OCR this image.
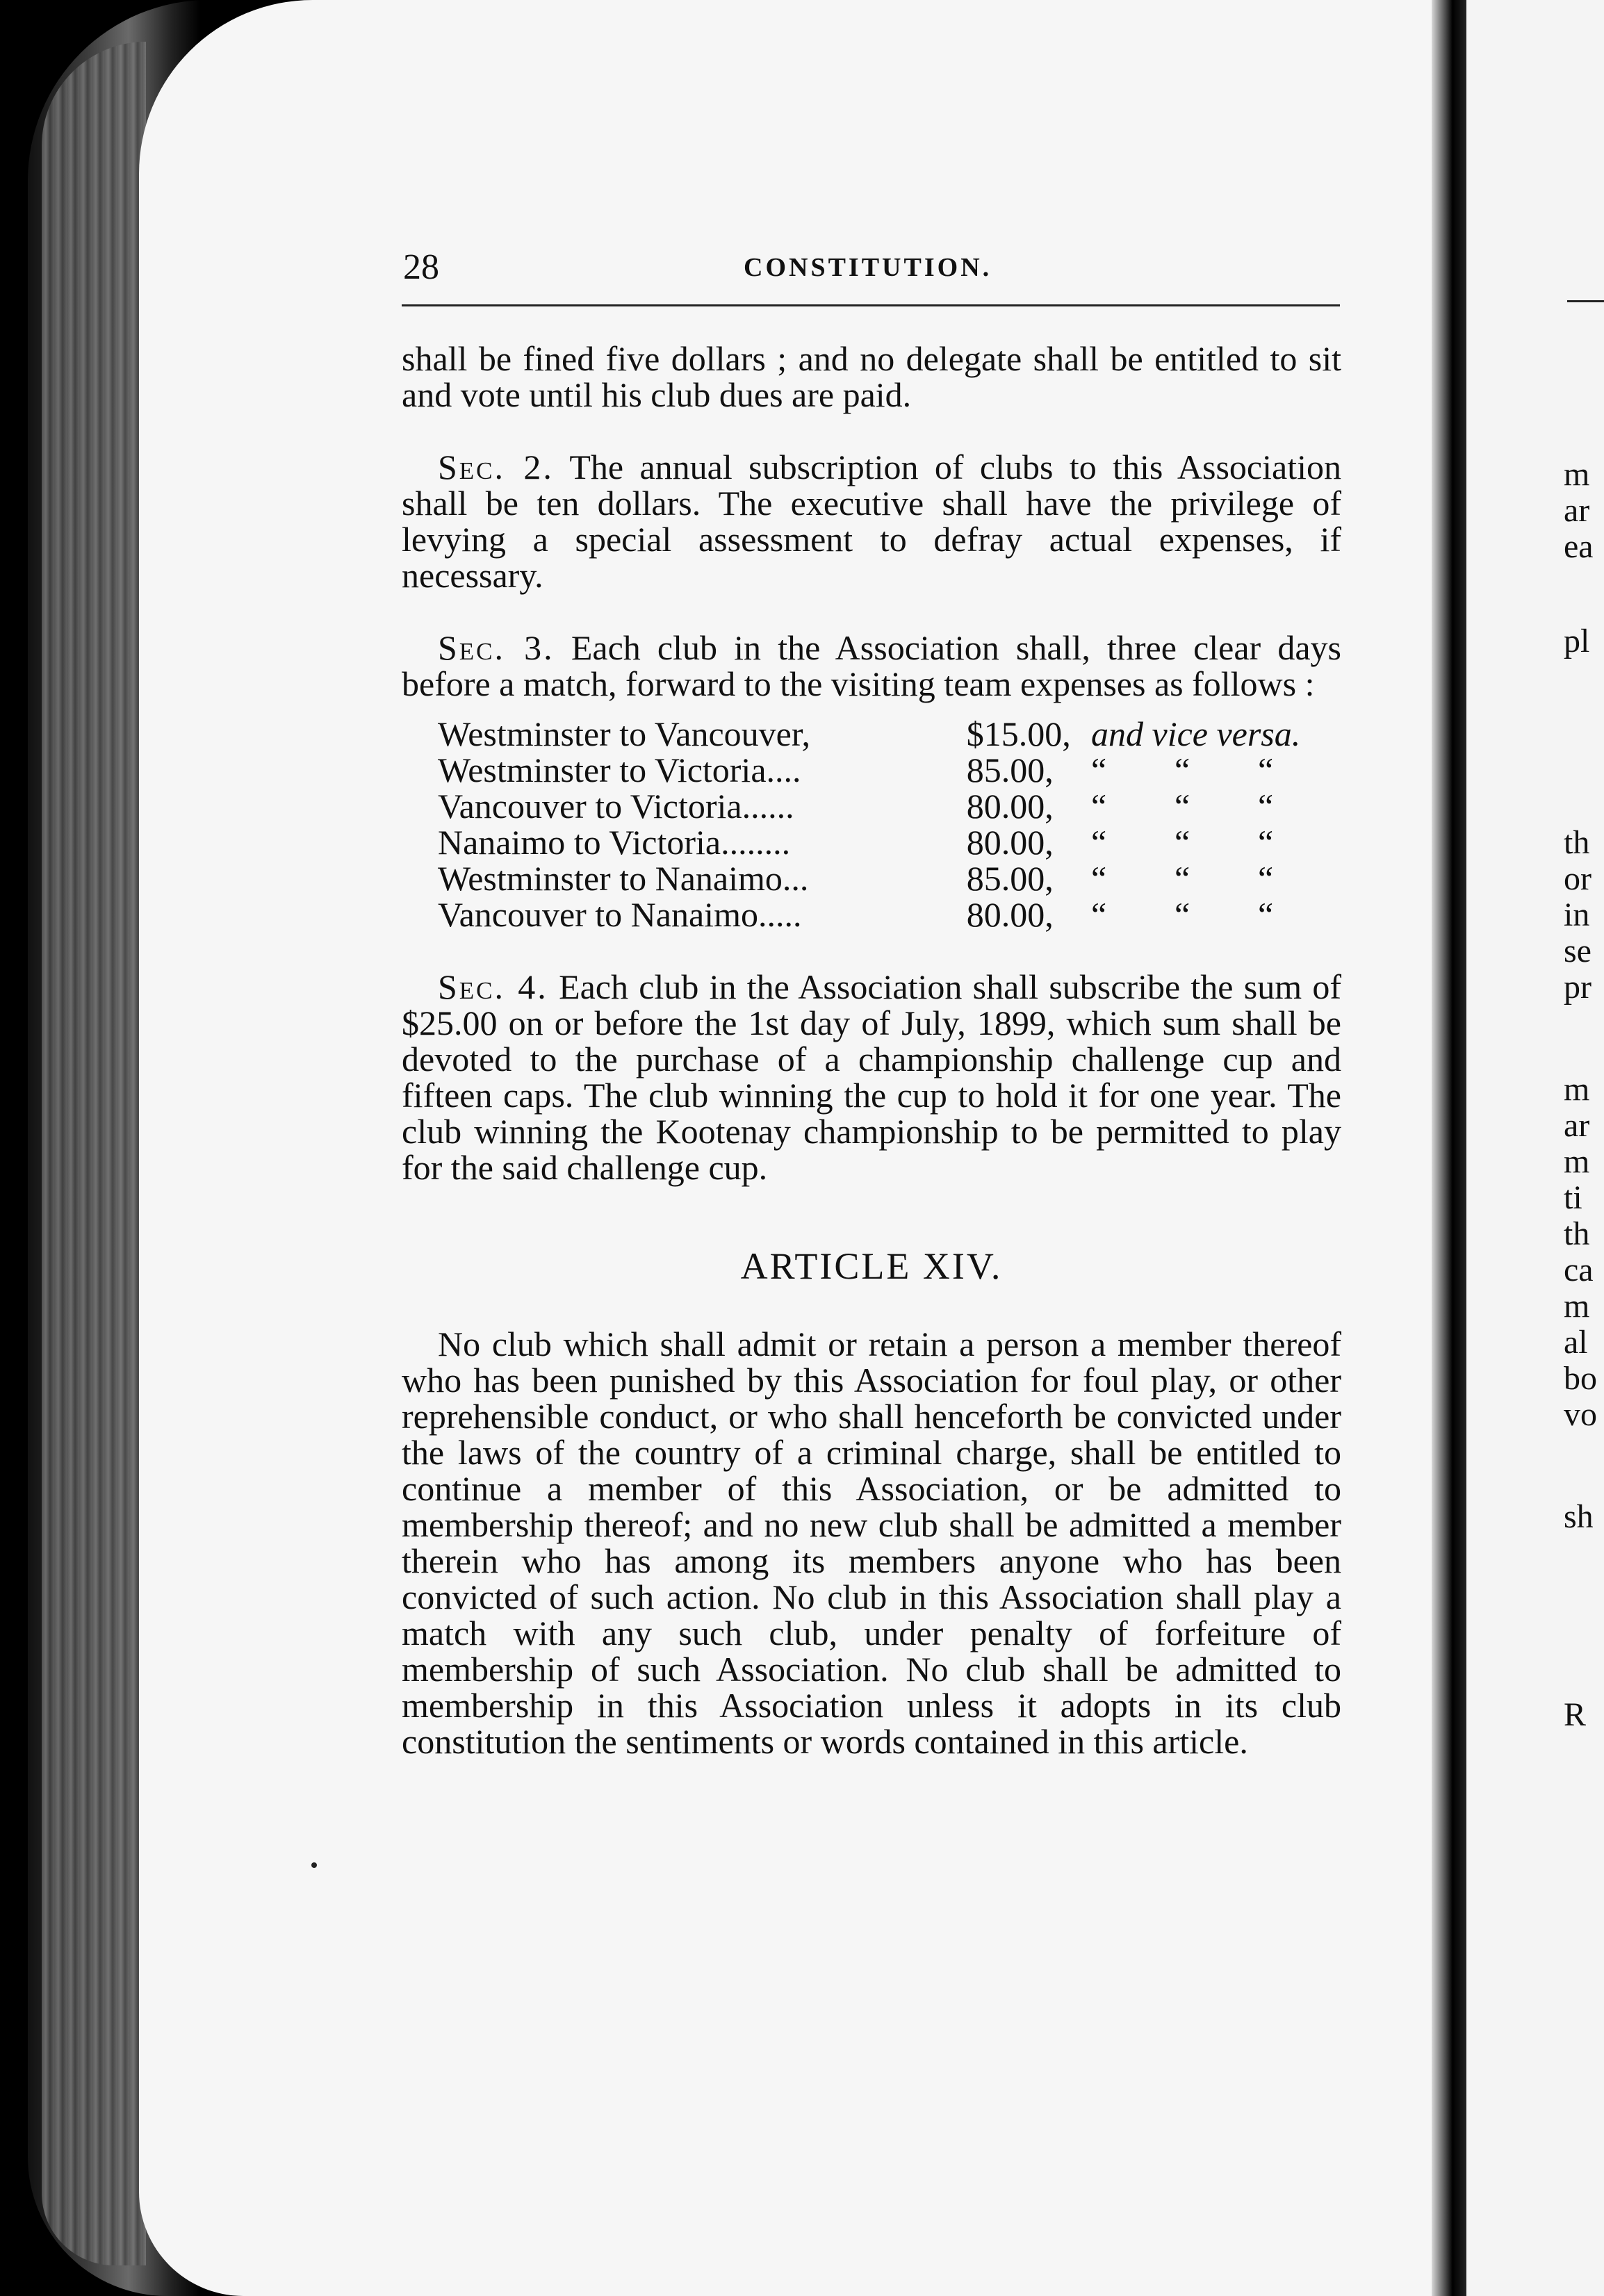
28	CONSTITUTION.

shall be fined five dollars ; and no delegate shall be entitled to sit and vote until his club dues are paid.

Sec. 2. The annual subscription of clubs to this Association shall be ten dollars. The executive shall have the privilege of levying a special assessment to defray actual expenses, if necessary.

Sec. 3. Each club in the Association shall, three clear days before a match, forward to the visiting team expenses as follows :

Westminster to Vancouver,	$15.00,	and vice versa.
Westminster to Victoria....	85.00,	“ “ “
Vancouver to Victoria......	80.00,	“ “ “
Nanaimo to Victoria........	80.00,	“ “ “
Westminster to Nanaimo...	85.00,	“ “ “
Vancouver to Nanaimo.....	80.00,	“ “ “

Sec. 4. Each club in the Association shall subscribe the sum of $25.00 on or before the 1st day of July, 1899, which sum shall be devoted to the purchase of a championship challenge cup and fifteen caps. The club winning the cup to hold it for one year. The club winning the Kootenay championship to be permitted to play for the said challenge cup.

ARTICLE XIV.

No club which shall admit or retain a person a member thereof who has been punished by this Association for foul play, or other reprehensible conduct, or who shall henceforth be convicted under the laws of the country of a criminal charge, shall be entitled to continue a member of this Association, or be admitted to membership thereof; and no new club shall be admitted a member therein who has among its members anyone who has been convicted of such action. No club in this Association shall play a match with any such club, under penalty of forfeiture of membership of such Association. No club shall be admitted to membership in this Association unless it adopts in its club constitution the sentiments or words contained in this article.

m
ar
ea
pl
th
or
in
se
pr
m
ar
m
ti
th
ca
m
al
bo
vo
sh
R
